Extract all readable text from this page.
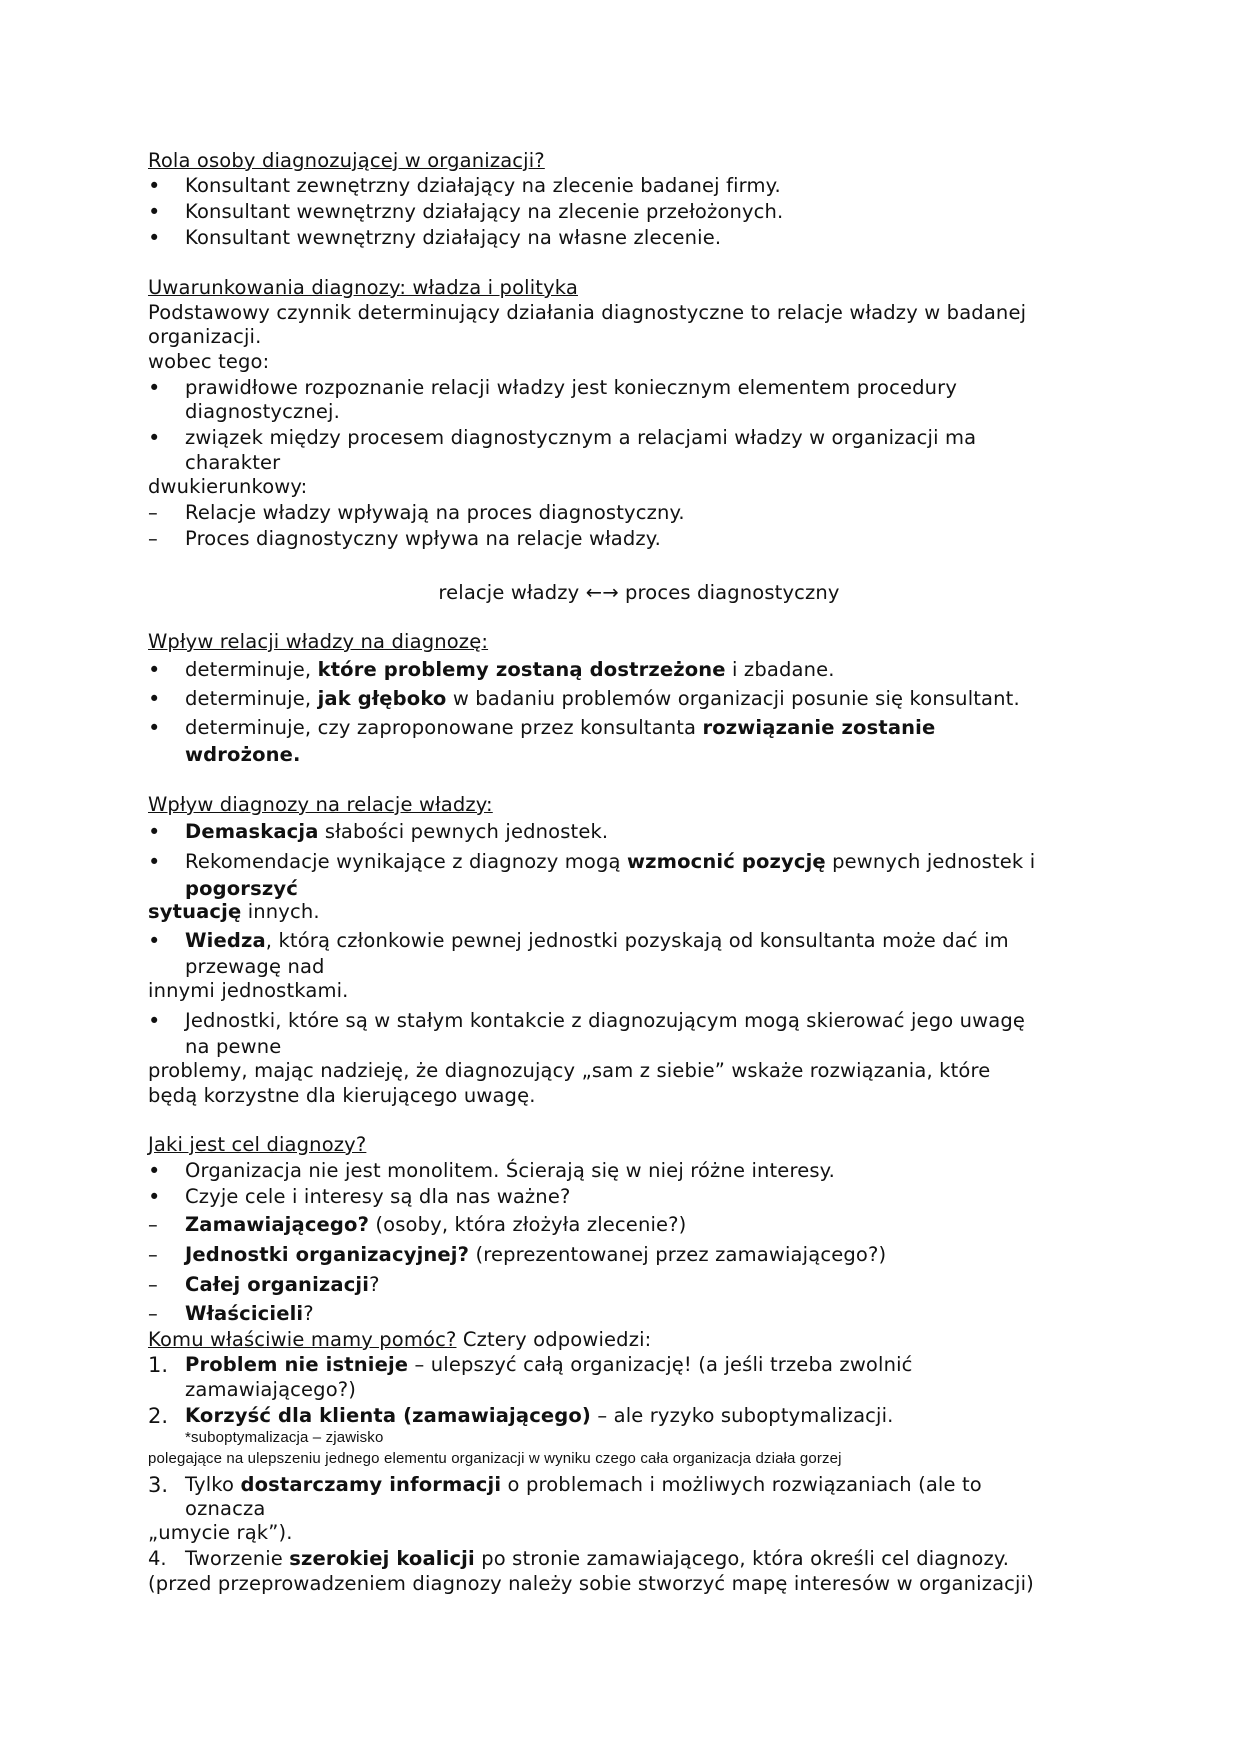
Rola osoby diagnozującej w organizacji?
•	Konsultant zewnętrzny działający na zlecenie badanej firmy.
•	Konsultant wewnętrzny działający na zlecenie przełożonych.
•	Konsultant wewnętrzny działający na własne zlecenie.
Uwarunkowania diagnozy: władza i polityka
Podstawowy czynnik determinujący działania diagnostyczne to relacje władzy w badanej
organizacji.
wobec tego:
•	prawidłowe rozpoznanie relacji władzy jest koniecznym elementem procedury
diagnostycznej.
•	związek między procesem diagnostycznym a relacjami władzy w organizacji ma
charakter
dwukierunkowy:
–	Relacje władzy wpływają na proces diagnostyczny.
–	Proces diagnostyczny wpływa na relacje władzy.
relacje władzy ←→ proces diagnostyczny
Wpływ relacji władzy na diagnozę:
•	determinuje, które problemy zostaną dostrzeżone i zbadane.
•	determinuje, jak głęboko w badaniu problemów organizacji posunie się konsultant.
•	determinuje, czy zaproponowane przez konsultanta rozwiązanie zostanie
wdrożone.
Wpływ diagnozy na relacje władzy:
•	Demaskacja słabości pewnych jednostek.
•	Rekomendacje wynikające z diagnozy mogą wzmocnić pozycję pewnych jednostek i
pogorszyć
sytuację innych.
•	Wiedza, którą członkowie pewnej jednostki pozyskają od konsultanta może dać im
przewagę nad
innymi jednostkami.
•	Jednostki, które są w stałym kontakcie z diagnozującym mogą skierować jego uwagę
na pewne
problemy, mając nadzieję, że diagnozujący „sam z siebie” wskaże rozwiązania, które
będą korzystne dla kierującego uwagę.
Jaki jest cel diagnozy?
•	Organizacja nie jest monolitem. Ścierają się w niej różne interesy.
•	Czyje cele i interesy są dla nas ważne?
–	Zamawiającego? (osoby, która złożyła zlecenie?)
–	Jednostki organizacyjnej? (reprezentowanej przez zamawiającego?)
–	Całej organizacji?
–	Właścicieli?
Komu właściwie mamy pomóc? Cztery odpowiedzi:
1. Problem nie istnieje – ulepszyć całą organizację! (a jeśli trzeba zwolnić
zamawiającego?)
2. Korzyść dla klienta (zamawiającego) – ale ryzyko suboptymalizacji.
*suboptymalizacja – zjawisko
polegające na ulepszeniu jednego elementu organizacji w wyniku czego cała organizacja działa gorzej
3. Tylko dostarczamy informacji o problemach i możliwych rozwiązaniach (ale to
oznacza
„umycie rąk”).
4. Tworzenie szerokiej koalicji po stronie zamawiającego, która określi cel diagnozy.
(przed przeprowadzeniem diagnozy należy sobie stworzyć mapę interesów w organizacji)
